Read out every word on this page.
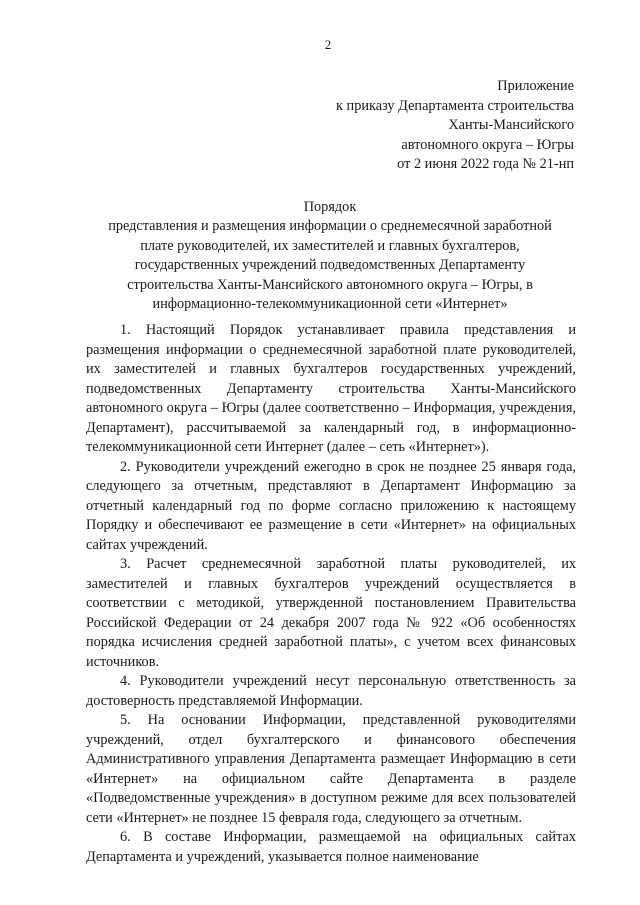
2
Приложение
к приказу Департамента строительства
Ханты-Мансийского
автономного округа – Югры
от 2 июня 2022 года № 21-нп
Порядок
представления и размещения информации о среднемесячной заработной
плате руководителей, их заместителей и главных бухгалтеров,
государственных учреждений подведомственных Департаменту
строительства Ханты-Мансийского автономного округа – Югры, в
информационно-телекоммуникационной сети «Интернет»

1. Настоящий Порядок устанавливает правила представления и размещения информации о среднемесячной заработной плате руководителей, их заместителей и главных бухгалтеров государственных учреждений, подведомственных Департаменту строительства Ханты-Мансийского автономного округа – Югры (далее соответственно – Информация, учреждения, Департамент), рассчитываемой за календарный год, в информационно-телекоммуникационной сети Интернет (далее – сеть «Интернет»).

2. Руководители учреждений ежегодно в срок не позднее 25 января года, следующего за отчетным, представляют в Департамент Информацию за отчетный календарный год по форме согласно приложению к настоящему Порядку и обеспечивают ее размещение в сети «Интернет» на официальных сайтах учреждений.

3. Расчет среднемесячной заработной платы руководителей, их заместителей и главных бухгалтеров учреждений осуществляется в соответствии с методикой, утвержденной постановлением Правительства Российской Федерации от 24 декабря 2007 года № 922 «Об особенностях порядка исчисления средней заработной платы», с учетом всех финансовых источников.

4. Руководители учреждений несут персональную ответственность за достоверность представляемой Информации.

5. На основании Информации, представленной руководителями учреждений, отдел бухгалтерского и финансового обеспечения Административного управления Департамента размещает Информацию в сети «Интернет» на официальном сайте Департамента в разделе «Подведомственные учреждения» в доступном режиме для всех пользователей сети «Интернет» не позднее 15 февраля года, следующего за отчетным.

6. В составе Информации, размещаемой на официальных сайтах Департамента и учреждений, указывается полное наименование
